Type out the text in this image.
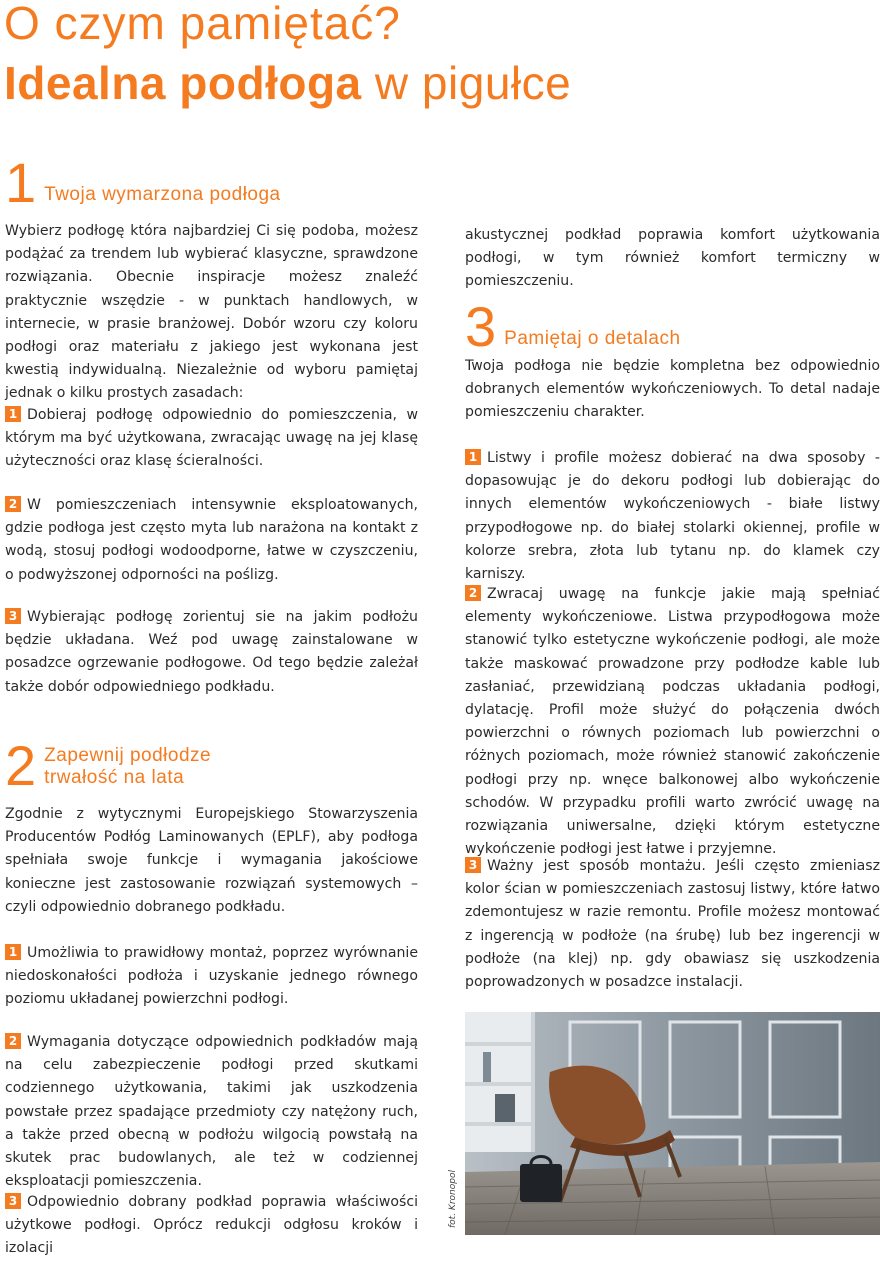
O czym pamiętać?
Idealna podłoga w pigułce
1 Twoja wymarzona podłoga

Wybierz podłogę która najbardziej Ci się podoba, możesz podążać za trendem lub wybierać klasyczne, sprawdzone rozwiązania. Obecnie inspiracje możesz znaleźć praktycznie wszędzie - w punktach handlowych, w internecie, w prasie branżowej. Dobór wzoru czy koloru podłogi oraz materiału z jakiego jest wykonana jest kwestią indywidualną. Niezależnie od wyboru pamiętaj jednak o kilku prostych zasadach:

1 Dobieraj podłogę odpowiednio do pomieszczenia, w którym ma być użytkowana, zwracając uwagę na jej klasę użyteczności oraz klasę ścieralności.

2 W pomieszczeniach intensywnie eksploatowanych, gdzie podłoga jest często myta lub narażona na kontakt z wodą, stosuj podłogi wodoodporne, łatwe w czyszczeniu, o podwyższonej odporności na poślizg.

3 Wybierając podłogę zorientuj sie na jakim podłożu będzie układana. Weź pod uwagę zainstalowane w posadzce ogrzewanie podłogowe. Od tego będzie zależał także dobór odpowiedniego podkładu.

2 Zapewnij podłodze
trwałość na lata

Zgodnie z wytycznymi Europejskiego Stowarzyszenia Producentów Podłóg Laminowanych (EPLF), aby podłoga spełniała swoje funkcje i wymagania jakościowe konieczne jest zastosowanie rozwiązań systemowych – czyli odpowiednio dobranego podkładu.

1 Umożliwia to prawidłowy montaż, poprzez wyrównanie niedoskonałości podłoża i uzyskanie jednego równego poziomu układanej powierzchni podłogi.

2 Wymagania dotyczące odpowiednich podkładów mają na celu zabezpieczenie podłogi przed skutkami codziennego użytkowania, takimi jak uszkodzenia powstałe przez spadające przedmioty czy natężony ruch, a także przed obecną w podłożu wilgocią powstałą na skutek prac budowlanych, ale też w codziennej eksploatacji pomieszczenia.

3 Odpowiednio dobrany podkład poprawia właściwości użytkowe podłogi. Oprócz redukcji odgłosu kroków i izolacji

akustycznej podkład poprawia komfort użytkowania podłogi, w tym również komfort termiczny w pomieszczeniu.

3 Pamiętaj o detalach

Twoja podłoga nie będzie kompletna bez odpowiednio dobranych elementów wykończeniowych. To detal nadaje pomieszczeniu charakter.

1 Listwy i profile możesz dobierać na dwa sposoby - dopasowując je do dekoru podłogi lub dobierając do innych elementów wykończeniowych - białe listwy przypodłogowe np. do białej stolarki okiennej, profile w kolorze srebra, złota lub tytanu np. do klamek czy karniszy.

2 Zwracaj uwagę na funkcje jakie mają spełniać elementy wykończeniowe. Listwa przypodłogowa może stanowić tylko estetyczne wykończenie podłogi, ale może także maskować prowadzone przy podłodze kable lub zasłaniać, przewidzianą podczas układania podłogi, dylatację. Profil może służyć do połączenia dwóch powierzchni o równych poziomach lub powierzchni o różnych poziomach, może również stanowić zakończenie podłogi przy np. wnęce balkonowej albo wykończenie schodów. W przypadku profili warto zwrócić uwagę na rozwiązania uniwersalne, dzięki którym estetyczne wykończenie podłogi jest łatwe i przyjemne.

3 Ważny jest sposób montażu. Jeśli często zmieniasz kolor ścian w pomieszczeniach zastosuj listwy, które łatwo zdemontujesz w razie remontu. Profile możesz montować z ingerencją w podłoże (na śrubę) lub bez ingerencji w podłoże (na klej) np. gdy obawiasz się uszkodzenia poprowadzonych w posadzce instalacji.

fot. Kronopol
